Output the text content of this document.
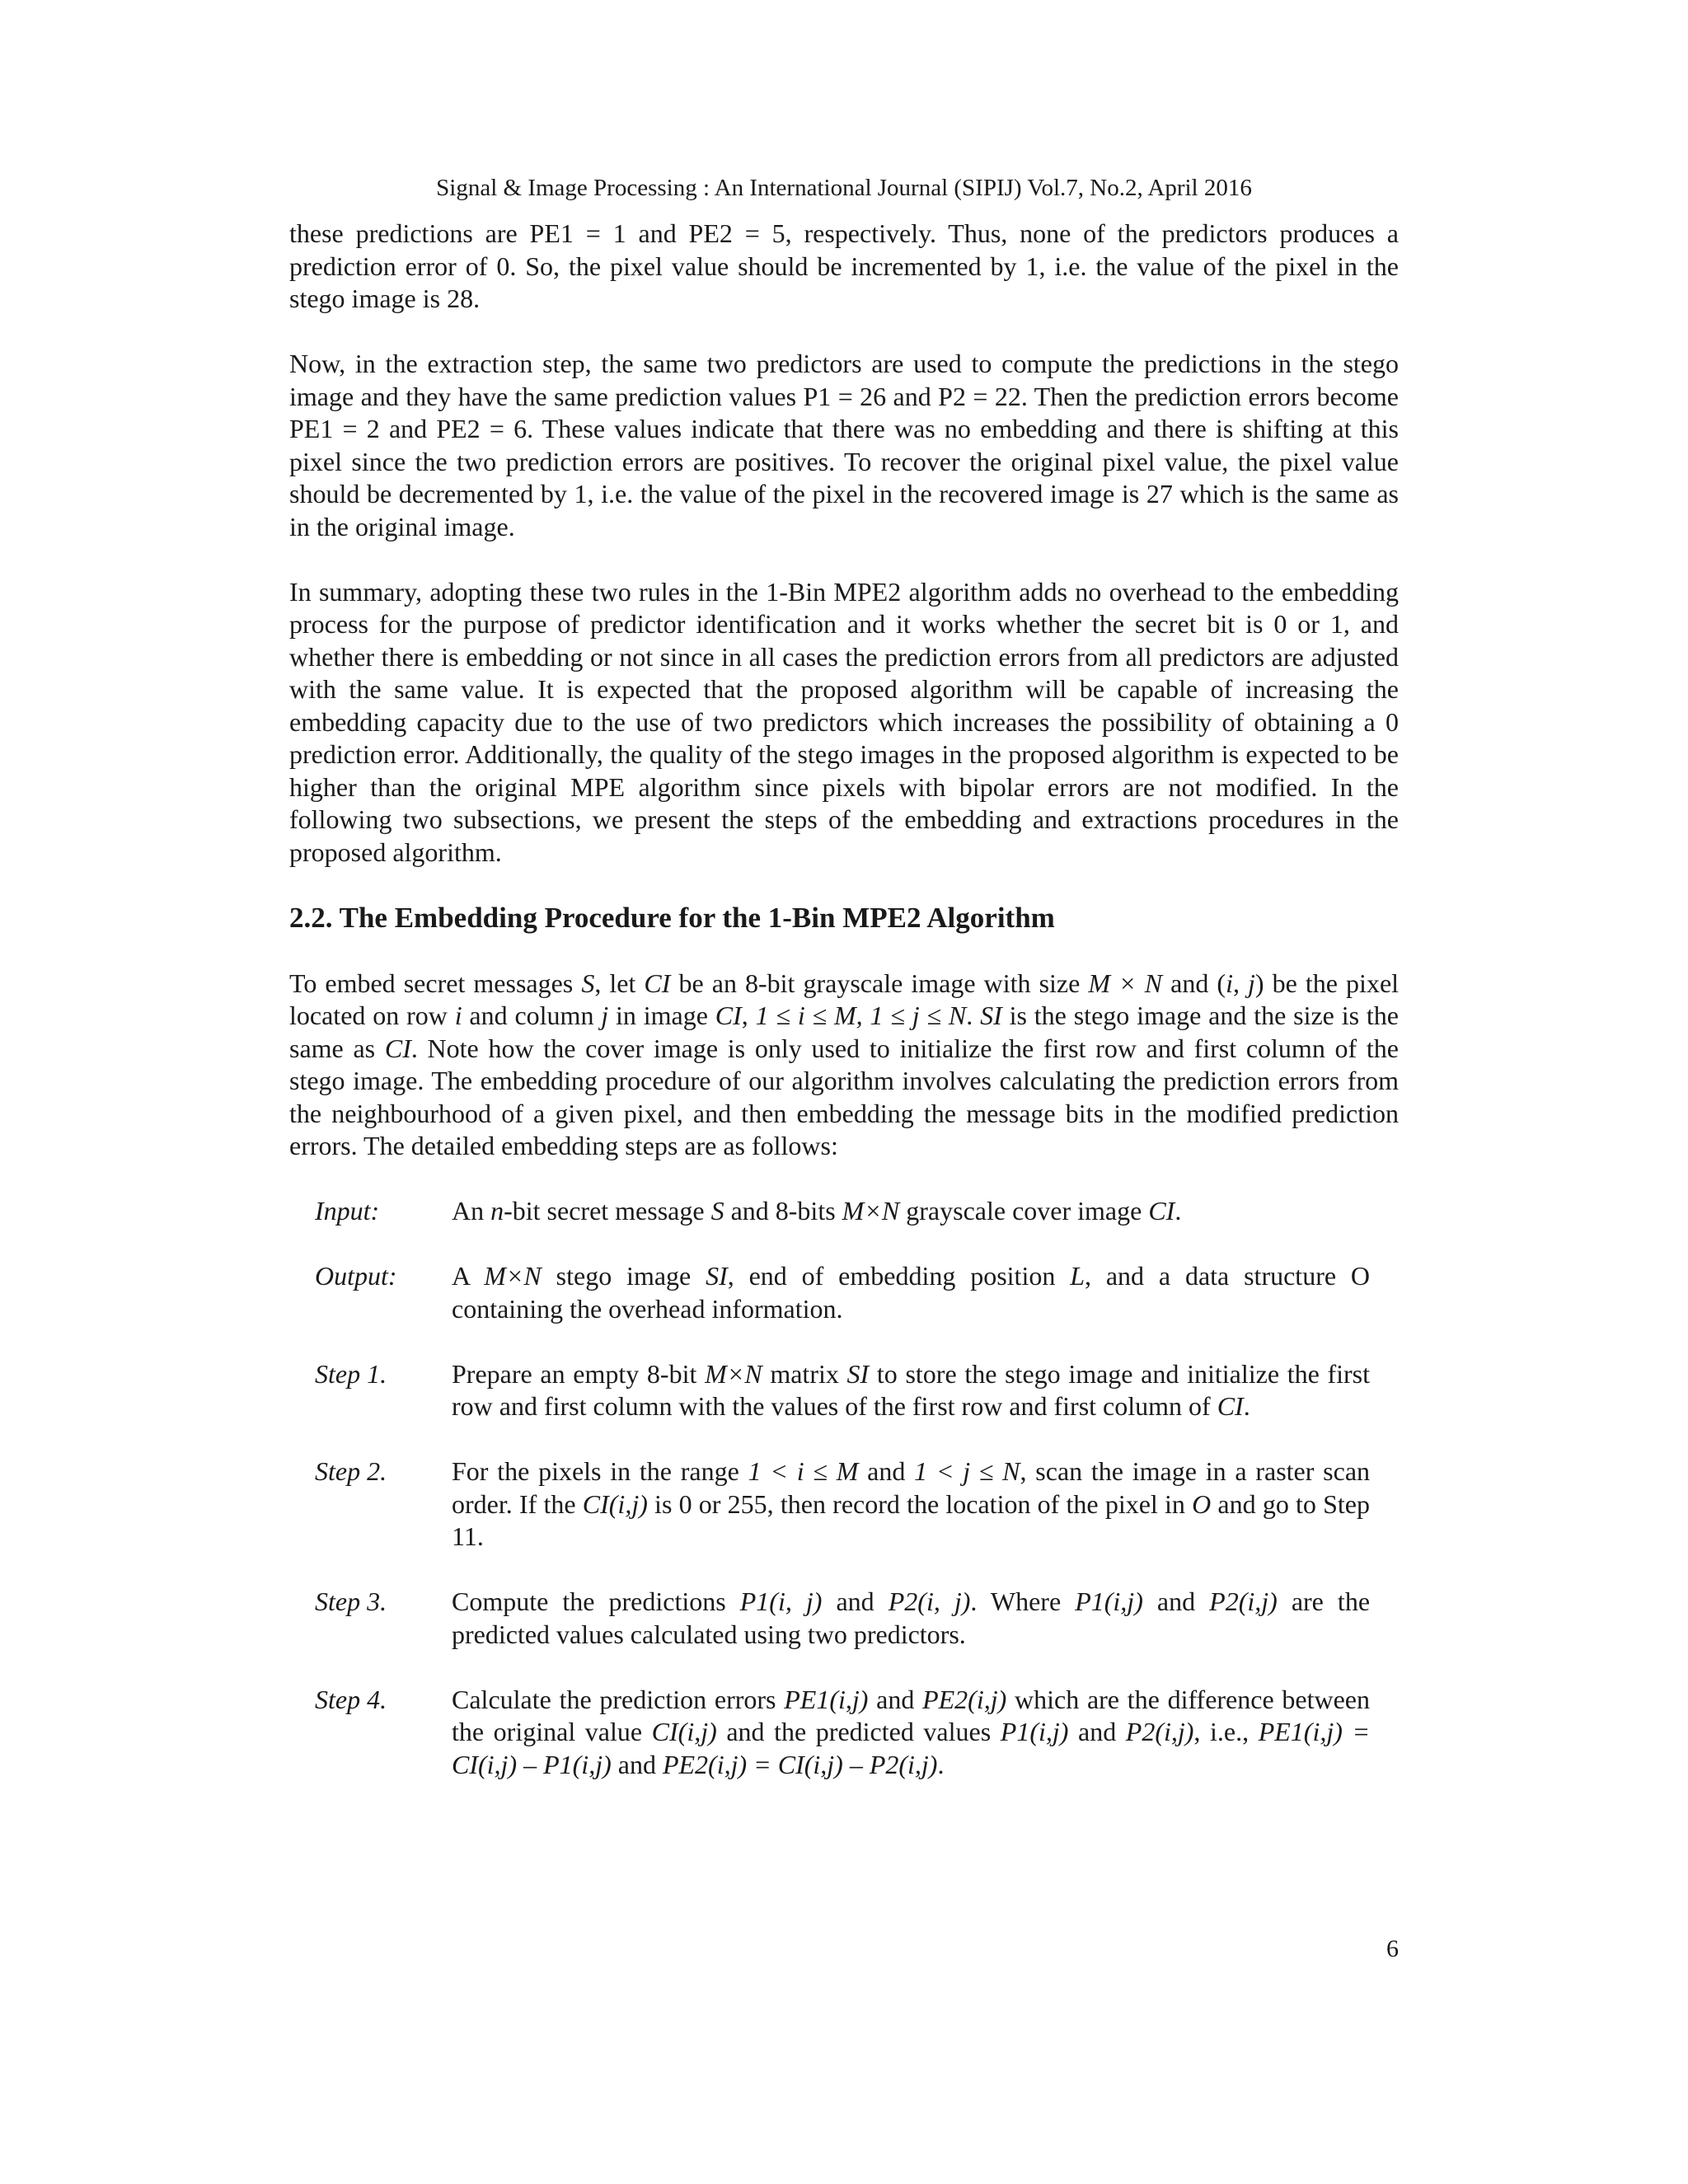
Signal & Image Processing : An International Journal (SIPIJ) Vol.7, No.2, April 2016

these predictions are PE1 = 1 and PE2 = 5, respectively. Thus, none of the predictors produces a prediction error of 0. So, the pixel value should be incremented by 1, i.e. the value of the pixel in the stego image is 28.

Now, in the extraction step, the same two predictors are used to compute the predictions in the stego image and they have the same prediction values P1 = 26 and P2 = 22. Then the prediction errors become PE1 = 2 and PE2 = 6. These values indicate that there was no embedding and there is shifting at this pixel since the two prediction errors are positives. To recover the original pixel value, the pixel value should be decremented by 1, i.e. the value of the pixel in the recovered image is 27 which is the same as in the original image.

In summary, adopting these two rules in the 1-Bin MPE2 algorithm adds no overhead to the embedding process for the purpose of predictor identification and it works whether the secret bit is 0 or 1, and whether there is embedding or not since in all cases the prediction errors from all predictors are adjusted with the same value. It is expected that the proposed algorithm will be capable of increasing the embedding capacity due to the use of two predictors which increases the possibility of obtaining a 0 prediction error. Additionally, the quality of the stego images in the proposed algorithm is expected to be higher than the original MPE algorithm since pixels with bipolar errors are not modified. In the following two subsections, we present the steps of the embedding and extractions procedures in the proposed algorithm.

2.2. The Embedding Procedure for the 1-Bin MPE2 Algorithm

To embed secret messages S, let CI be an 8-bit grayscale image with size M × N and (i, j) be the pixel located on row i and column j in image CI, 1 ≤ i ≤ M, 1 ≤ j ≤ N. SI is the stego image and the size is the same as CI. Note how the cover image is only used to initialize the first row and first column of the stego image. The embedding procedure of our algorithm involves calculating the prediction errors from the neighbourhood of a given pixel, and then embedding the message bits in the modified prediction errors. The detailed embedding steps are as follows:

Input:	An n-bit secret message S and 8-bits M×N grayscale cover image CI.
Output:	A M×N stego image SI, end of embedding position L, and a data structure O containing the overhead information.
Step 1.	Prepare an empty 8-bit M×N matrix SI to store the stego image and initialize the first row and first column with the values of the first row and first column of CI.
Step 2.	For the pixels in the range 1 < i ≤ M and 1 < j ≤ N, scan the image in a raster scan order. If the CI(i,j) is 0 or 255, then record the location of the pixel in O and go to Step 11.
Step 3.	Compute the predictions P1(i, j) and P2(i, j). Where P1(i,j) and P2(i,j) are the predicted values calculated using two predictors.
Step 4.	Calculate the prediction errors PE1(i,j) and PE2(i,j) which are the difference between the original value CI(i,j) and the predicted values P1(i,j) and P2(i,j), i.e., PE1(i,j) = CI(i,j) – P1(i,j) and PE2(i,j) = CI(i,j) – P2(i,j).
6
